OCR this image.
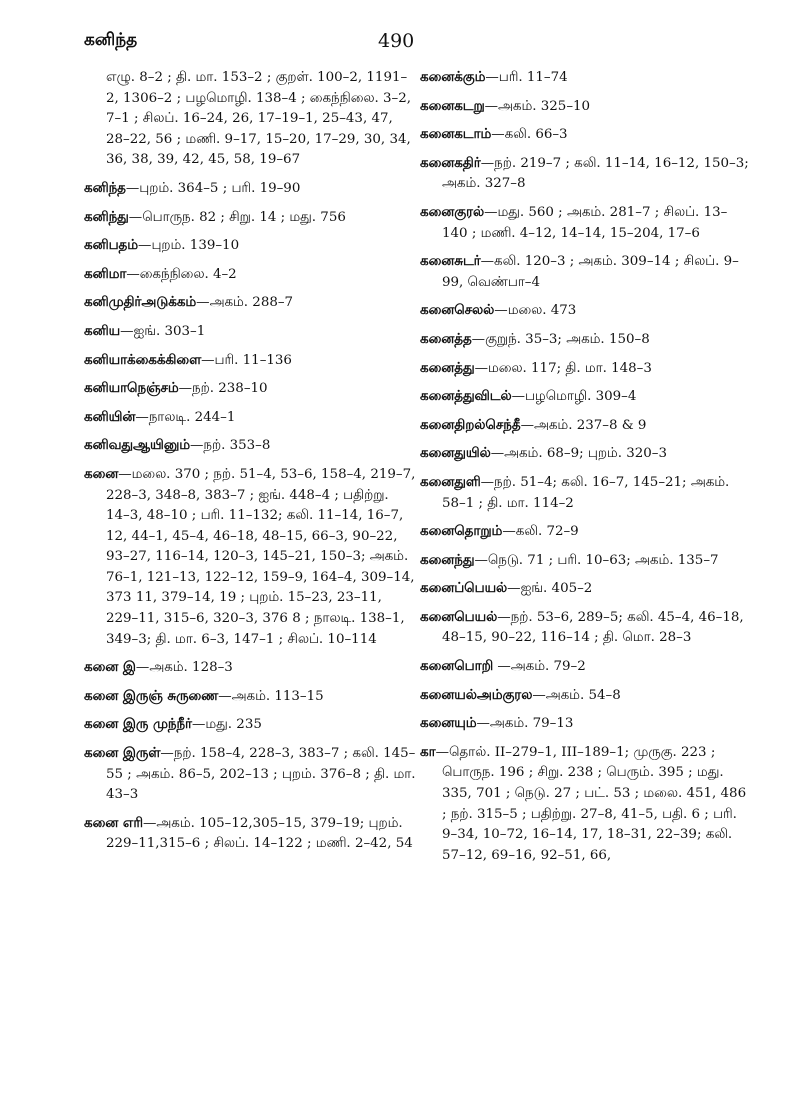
கனிந்த	490
எழு. 8–2 ; தி. மா. 153–2 ; குறள். 100–2, 1191–2, 1306–2 ; பழமொழி. 138–4 ; கைந்நிலை. 3–2, 7–1 ; சிலப். 16–24, 26, 17–19–1, 25–43, 47, 28–22, 56 ; மணி. 9–17, 15–20, 17–29, 30, 34, 36, 38, 39, 42, 45, 58, 19–67
கனிந்த—புறம். 364–5 ; பரி. 19–90
கனிந்து—பொருந. 82 ; சிறு. 14 ; மது. 756
கனிபதம்—புறம். 139–10
கனிமா—கைந்நிலை. 4–2
கனிமுதிர்அடுக்கம்—அகம். 288–7
கனிய—ஐங். 303–1
கனியாக்கைக்கிளை—பரி. 11–136
கனியாநெஞ்சம்—நற். 238–10
கனியின்—நாலடி. 244–1
கனிவதுஆயினும்—நற். 353–8
கனை—மலை. 370 ; நற். 51–4, 53–6, 158–4, 219–7, 228–3, 348–8, 383–7 ; ஐங். 448–4 ; பதிற்று. 14–3, 48–10 ; பரி. 11–132; கலி. 11–14, 16–7, 12, 44–1, 45–4, 46–18, 48–15, 66–3, 90–22, 93–27, 116–14, 120–3, 145–21, 150–3; அகம். 76–1, 121–13, 122–12, 159–9, 164–4, 309–14, 373 11, 379–14, 19 ; புறம். 15–23, 23–11, 229–11, 315–6, 320–3, 376 8 ; நாலடி. 138–1, 349–3; தி. மா. 6–3, 147–1 ; சிலப். 10–114
கனை இ—அகம். 128–3
கனை இருஞ் சுருணை—அகம். 113–15
கனை இரு முந்நீர்—மது. 235
கனை இருள்—நற். 158–4, 228–3, 383–7 ; கலி. 145–55 ; அகம். 86–5, 202–13 ; புறம். 376–8 ; தி. மா. 43–3
கனை எரி—அகம். 105–12,305–15, 379–19; புறம். 229–11,315–6 ; சிலப். 14–122 ; மணி. 2–42, 54
கனைக்கும்—பரி. 11–74
கனைகடறு—அகம். 325–10
கனைகடாம்—கலி. 66–3
கனைகதிர்—நற். 219–7 ; கலி. 11–14, 16–12, 150–3; அகம். 327–8
கனைகுரல்—மது. 560 ; அகம். 281–7 ; சிலப். 13–140 ; மணி. 4–12, 14–14, 15–204, 17–6
கனைசுடர்—கலி. 120–3 ; அகம். 309–14 ; சிலப். 9–99, வெண்பா–4
கனைசெலல்—மலை. 473
கனைத்த—குறுந். 35–3; அகம். 150–8
கனைத்து—மலை. 117; தி. மா. 148–3
கனைத்துவிடல்—பழமொழி. 309–4
கனைதிறல்செந்தீ—அகம். 237–8 & 9
கனைதுயில்—அகம். 68–9; புறம். 320–3
கனைதுளி—நற். 51–4; கலி. 16–7, 145–21; அகம். 58–1 ; தி. மா. 114–2
கனைதொறும்—கலி. 72–9
கனைந்து—நெடு. 71 ; பரி. 10–63; அகம். 135–7
கனைப்பெயல்—ஐங். 405–2
கனைபெயல்—நற். 53–6, 289–5; கலி. 45–4, 46–18, 48–15, 90–22, 116–14 ; தி. மொ. 28–3
கனைபொறி —அகம். 79–2
கனையல்அம்குரல—அகம். 54–8
கனையும்—அகம். 79–13
கா—தொல். II–279–1, III–189–1; முருகு. 223 ; பொருந. 196 ; சிறு. 238 ; பெரும். 395 ; மது. 335, 701 ; நெடு. 27 ; பட். 53 ; மலை. 451, 486 ; நற். 315–5 ; பதிற்று. 27–8, 41–5, பதி. 6 ; பரி. 9–34, 10–72, 16–14, 17, 18–31, 22–39; கலி. 57–12, 69–16, 92–51, 66,
